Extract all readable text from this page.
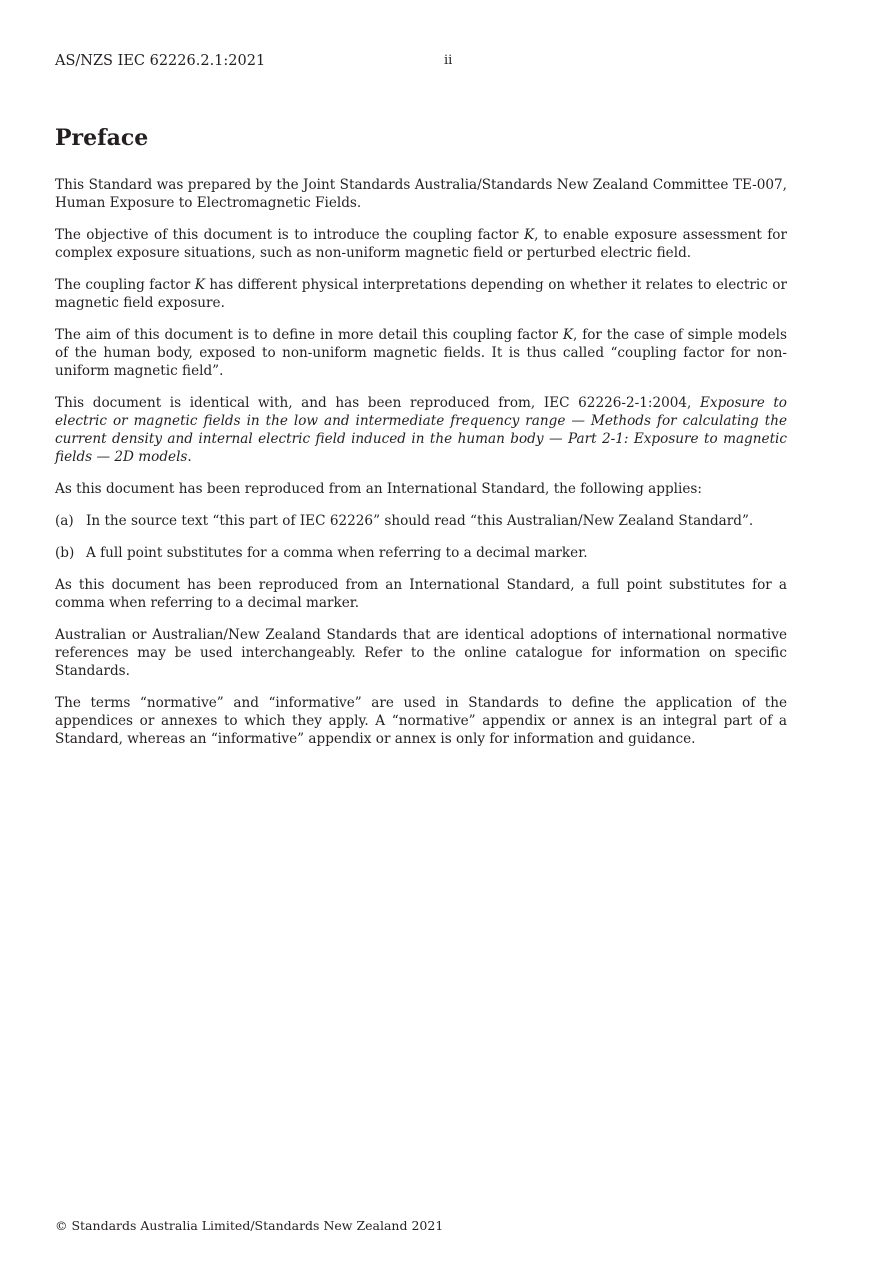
AS/NZS IEC 62226.2.1:2021	ii
Preface

This Standard was prepared by the Joint Standards Australia/Standards New Zealand Committee TE-007, Human Exposure to Electromagnetic Fields.

The objective of this document is to introduce the coupling factor K, to enable exposure assessment for complex exposure situations, such as non-uniform magnetic field or perturbed electric field.

The coupling factor K has different physical interpretations depending on whether it relates to electric or magnetic field exposure.

The aim of this document is to define in more detail this coupling factor K, for the case of simple models of the human body, exposed to non-uniform magnetic fields. It is thus called “coupling factor for non-uniform magnetic field”.

This document is identical with, and has been reproduced from, IEC 62226-2-1:2004, Exposure to electric or magnetic fields in the low and intermediate frequency range — Methods for calculating the current density and internal electric field induced in the human body — Part 2-1: Exposure to magnetic fields — 2D models.

As this document has been reproduced from an International Standard, the following applies:

(a) In the source text “this part of IEC 62226” should read “this Australian/New Zealand Standard”.
(b) A full point substitutes for a comma when referring to a decimal marker.

As this document has been reproduced from an International Standard, a full point substitutes for a comma when referring to a decimal marker.

Australian or Australian/New Zealand Standards that are identical adoptions of international normative references may be used interchangeably. Refer to the online catalogue for information on specific Standards.

The terms “normative” and “informative” are used in Standards to define the application of the appendices or annexes to which they apply. A “normative” appendix or annex is an integral part of a Standard, whereas an “informative” appendix or annex is only for information and guidance.

© Standards Australia Limited/Standards New Zealand 2021
